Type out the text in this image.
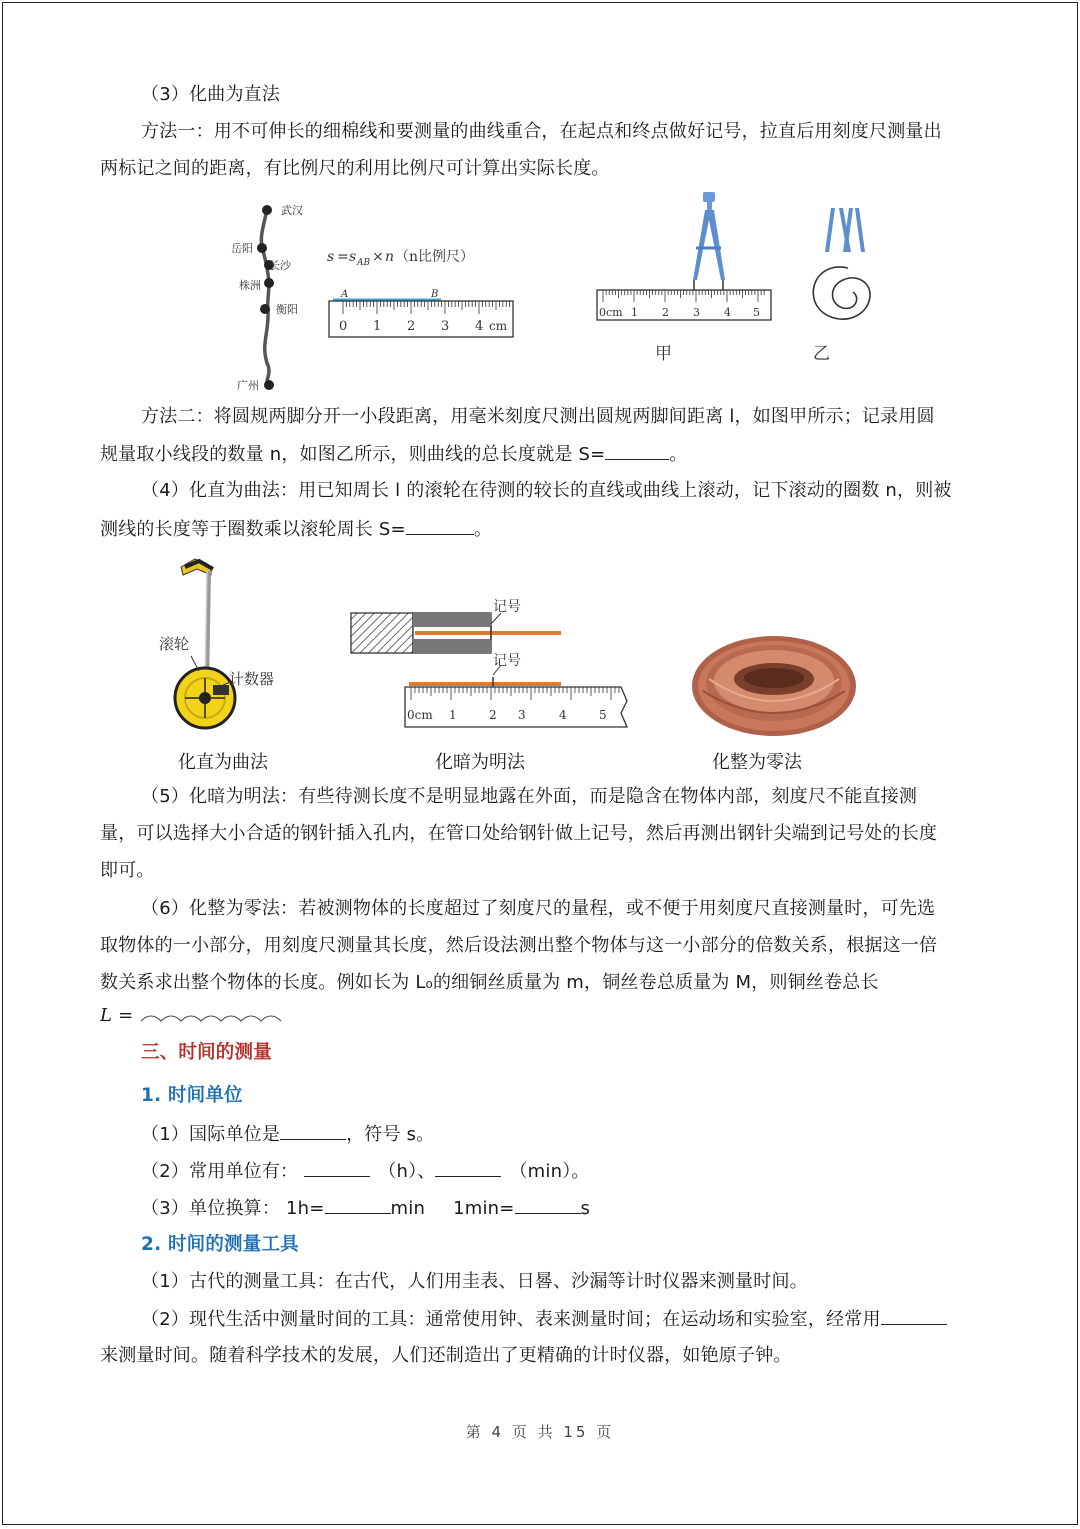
（3）化曲为直法
方法一：用不可伸长的细棉线和要测量的曲线重合，在起点和终点做好记号，拉直后用刻度尺测量出
两标记之间的距离，有比例尺的利用比例尺可计算出实际长度。
武汉
岳阳
长沙
株洲
衡阳
广州
s = s AB × n （n比例尺）
A	B
0 1 2 3 4 cm
0cm 1 2 3 4 5
甲	乙
方法二：将圆规两脚分开一小段距离，用毫米刻度尺测出圆规两脚间距离 l，如图甲所示；记录用圆
规量取小线段的数量 n，如图乙所示，则曲线的总长度就是 S=	。
（4）化直为曲法：用已知周长 l 的滚轮在待测的较长的直线或曲线上滚动，记下滚动的圈数 n，则被
测线的长度等于圈数乘以滚轮周长 S=	。
滚轮
计数器
记号
记号
0cm 1	2 3	4	5
化直为曲法	化暗为明法	化整为零法
（5）化暗为明法：有些待测长度不是明显地露在外面，而是隐含在物体内部，刻度尺不能直接测
量，可以选择大小合适的钢针插入孔内，在管口处给钢针做上记号，然后再测出钢针尖端到记号处的长度
即可。
（6）化整为零法：若被测物体的长度超过了刻度尺的量程，或不便于用刻度尺直接测量时，可先选
取物体的一小部分，用刻度尺测量其长度，然后设法测出整个物体与这一小部分的倍数关系，根据这一倍
数关系求出整个物体的长度。例如长为 L₀的细铜丝质量为 m，铜丝卷总质量为 M，则铜丝卷总长
L =
三、时间的测量
1. 时间单位
（1）国际单位是	，符号 s。
（2）常用单位有：	（h）、	（min）。
（3）单位换算： 1h=	min 1min=	s
2. 时间的测量工具
（1）古代的测量工具：在古代，人们用圭表、日晷、沙漏等计时仪器来测量时间。
（2）现代生活中测量时间的工具：通常使用钟、表来测量时间；在运动场和实验室，经常用
来测量时间。随着科学技术的发展，人们还制造出了更精确的计时仪器，如铯原子钟。
第 4 页 共 15 页
